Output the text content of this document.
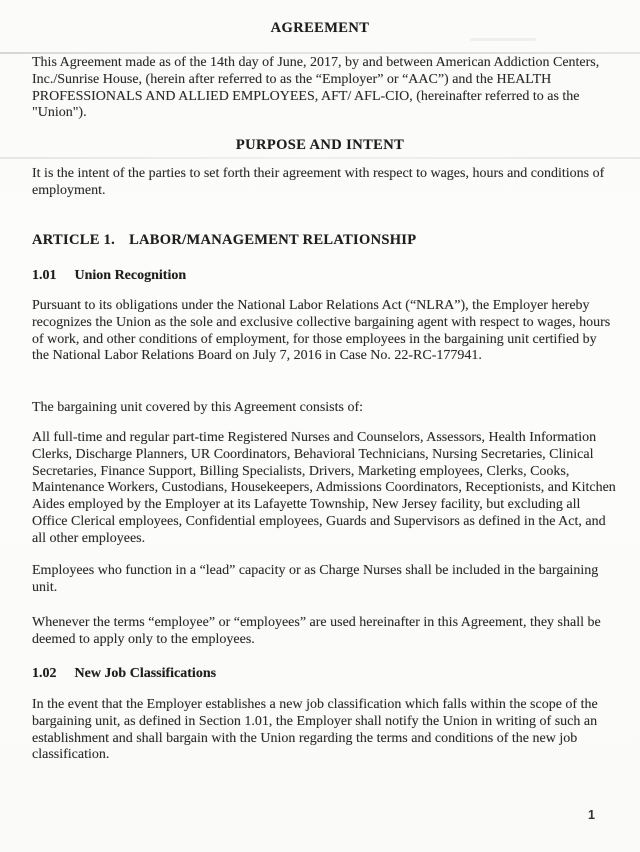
AGREEMENT

This Agreement made as of the 14th day of June, 2017, by and between American Addiction Centers, Inc./Sunrise House, (herein after referred to as the “Employer” or “AAC”) and the HEALTH PROFESSIONALS AND ALLIED EMPLOYEES, AFT/ AFL-CIO, (hereinafter referred to as the "Union").

PURPOSE AND INTENT

It is the intent of the parties to set forth their agreement with respect to wages, hours and conditions of employment.

ARTICLE 1. LABOR/MANAGEMENT RELATIONSHIP
1.01 Union Recognition

Pursuant to its obligations under the National Labor Relations Act (“NLRA”), the Employer hereby recognizes the Union as the sole and exclusive collective bargaining agent with respect to wages, hours of work, and other conditions of employment, for those employees in the bargaining unit certified by the National Labor Relations Board on July 7, 2016 in Case No. 22-RC-177941.

The bargaining unit covered by this Agreement consists of:

All full-time and regular part-time Registered Nurses and Counselors, Assessors, Health Information Clerks, Discharge Planners, UR Coordinators, Behavioral Technicians, Nursing Secretaries, Clinical Secretaries, Finance Support, Billing Specialists, Drivers, Marketing employees, Clerks, Cooks, Maintenance Workers, Custodians, Housekeepers, Admissions Coordinators, Receptionists, and Kitchen Aides employed by the Employer at its Lafayette Township, New Jersey facility, but excluding all Office Clerical employees, Confidential employees, Guards and Supervisors as defined in the Act, and all other employees.

Employees who function in a “lead” capacity or as Charge Nurses shall be included in the bargaining unit.

Whenever the terms “employee” or “employees” are used hereinafter in this Agreement, they shall be deemed to apply only to the employees.

1.02 New Job Classifications

In the event that the Employer establishes a new job classification which falls within the scope of the bargaining unit, as defined in Section 1.01, the Employer shall notify the Union in writing of such an establishment and shall bargain with the Union regarding the terms and conditions of the new job classification.

1
